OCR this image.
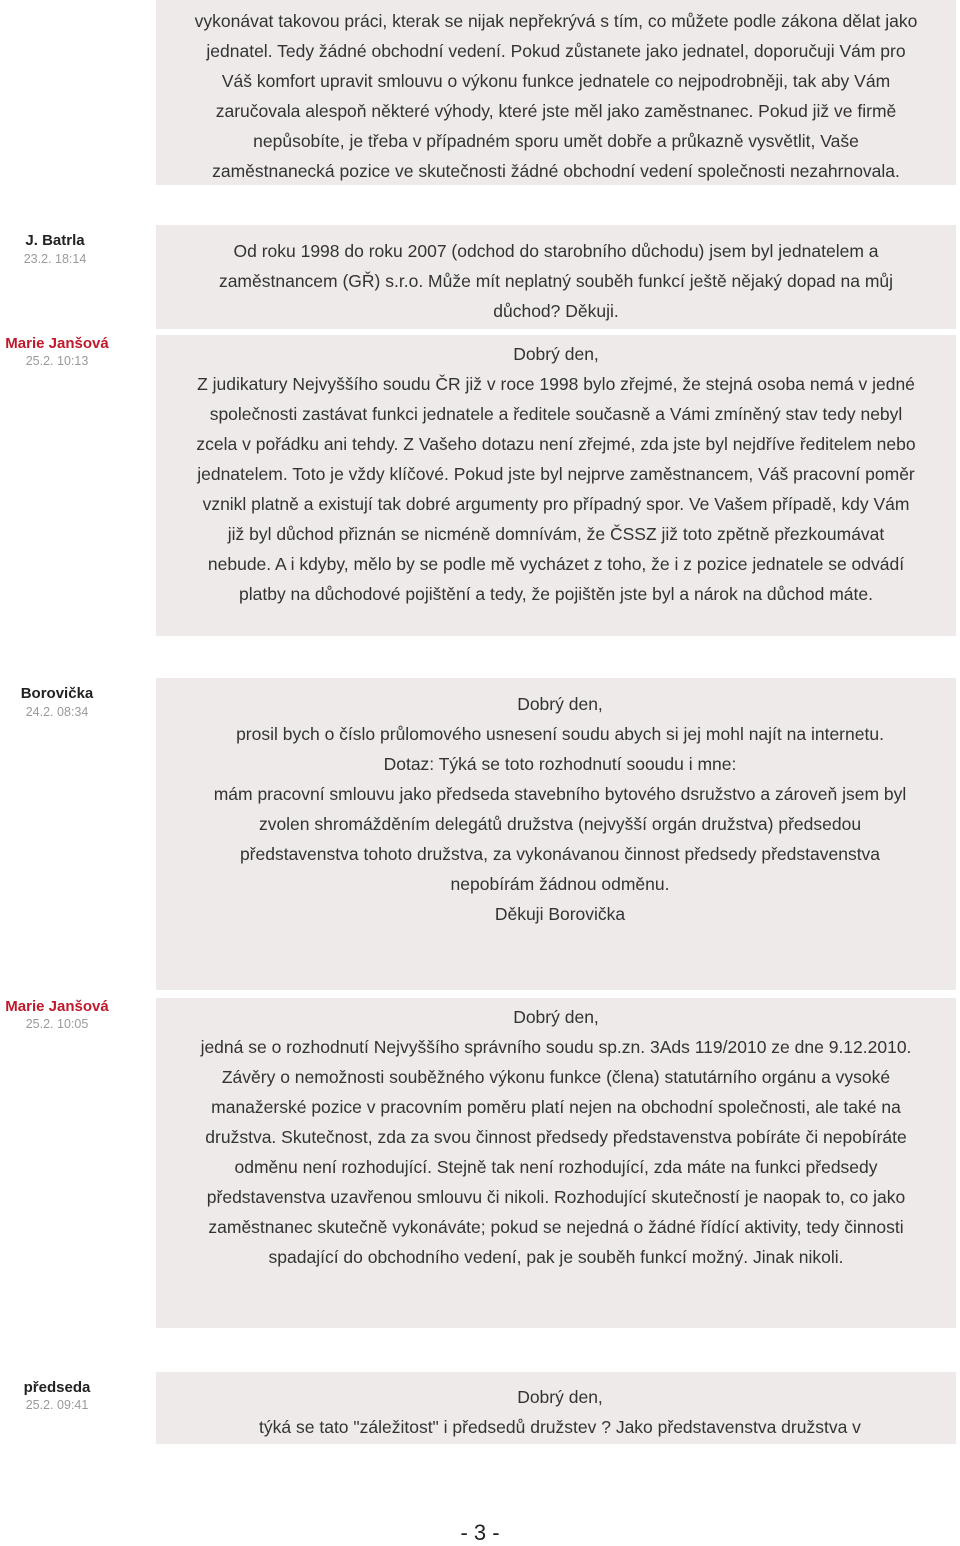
vykonávat takovou práci, kterak se nijak nepřekrývá s tím, co můžete podle zákona dělat jako
jednatel. Tedy žádné obchodní vedení. Pokud zůstanete jako jednatel, doporučuji Vám pro
Váš komfort upravit smlouvu o výkonu funkce jednatele co nejpodrobněji, tak aby Vám
zaručovala alespoň některé výhody, které jste měl jako zaměstnanec. Pokud již ve firmě
nepůsobíte, je třeba v případném sporu umět dobře a průkazně vysvětlit, Vaše
zaměstnanecká pozice ve skutečnosti žádné obchodní vedení společnosti nezahrnovala.
J. Batrla
23.2. 18:14	Od roku 1998 do roku 2007 (odchod do starobního důchodu) jsem byl jednatelem a
zaměstnancem (GŘ) s.r.o. Může mít neplatný souběh funkcí ještě nějaký dopad na můj
důchod? Děkuji.
Marie Janšová
25.2. 10:13	Dobrý den,
Z judikatury Nejvyššího soudu ČR již v roce 1998 bylo zřejmé, že stejná osoba nemá v jedné
společnosti zastávat funkci jednatele a ředitele současně a Vámi zmíněný stav tedy nebyl
zcela v pořádku ani tehdy. Z Vašeho dotazu není zřejmé, zda jste byl nejdříve ředitelem nebo
jednatelem. Toto je vždy klíčové. Pokud jste byl nejprve zaměstnancem, Váš pracovní poměr
vznikl platně a existují tak dobré argumenty pro případný spor. Ve Vašem případě, kdy Vám
již byl důchod přiznán se nicméně domnívám, že ČSSZ již toto zpětně přezkoumávat
nebude. A i kdyby, mělo by se podle mě vycházet z toho, že i z pozice jednatele se odvádí
platby na důchodové pojištění a tedy, že pojištěn jste byl a nárok na důchod máte.
Borovička
24.2. 08:34	Dobrý den,
prosil bych o číslo průlomového usnesení soudu abych si jej mohl najít na internetu.
Dotaz: Týká se toto rozhodnutí sooudu i mne:
mám pracovní smlouvu jako předseda stavebního bytového dsružstvo a zároveň jsem byl
zvolen shromážděním delegátů družstva (nejvyšší orgán družstva) předsedou
představenstva tohoto družstva, za vykonávanou činnost předsedy představenstva
nepobírám žádnou odměnu.
Děkuji Borovička
Marie Janšová
25.2. 10:05	Dobrý den,
jedná se o rozhodnutí Nejvyššího správního soudu sp.zn. 3Ads 119/2010 ze dne 9.12.2010.
Závěry o nemožnosti souběžného výkonu funkce (člena) statutárního orgánu a vysoké
manažerské pozice v pracovním poměru platí nejen na obchodní společnosti, ale také na
družstva. Skutečnost, zda za svou činnost předsedy představenstva pobíráte či nepobíráte
odměnu není rozhodující. Stejně tak není rozhodující, zda máte na funkci předsedy
představenstva uzavřenou smlouvu či nikoli. Rozhodující skutečností je naopak to, co jako
zaměstnanec skutečně vykonáváte; pokud se nejedná o žádné řídící aktivity, tedy činnosti
spadající do obchodního vedení, pak je souběh funkcí možný. Jinak nikoli.
předseda
25.2. 09:41	Dobrý den,
týká se tato "záležitost" i předsedů družstev ? Jako představenstva družstva v
- 3 -
